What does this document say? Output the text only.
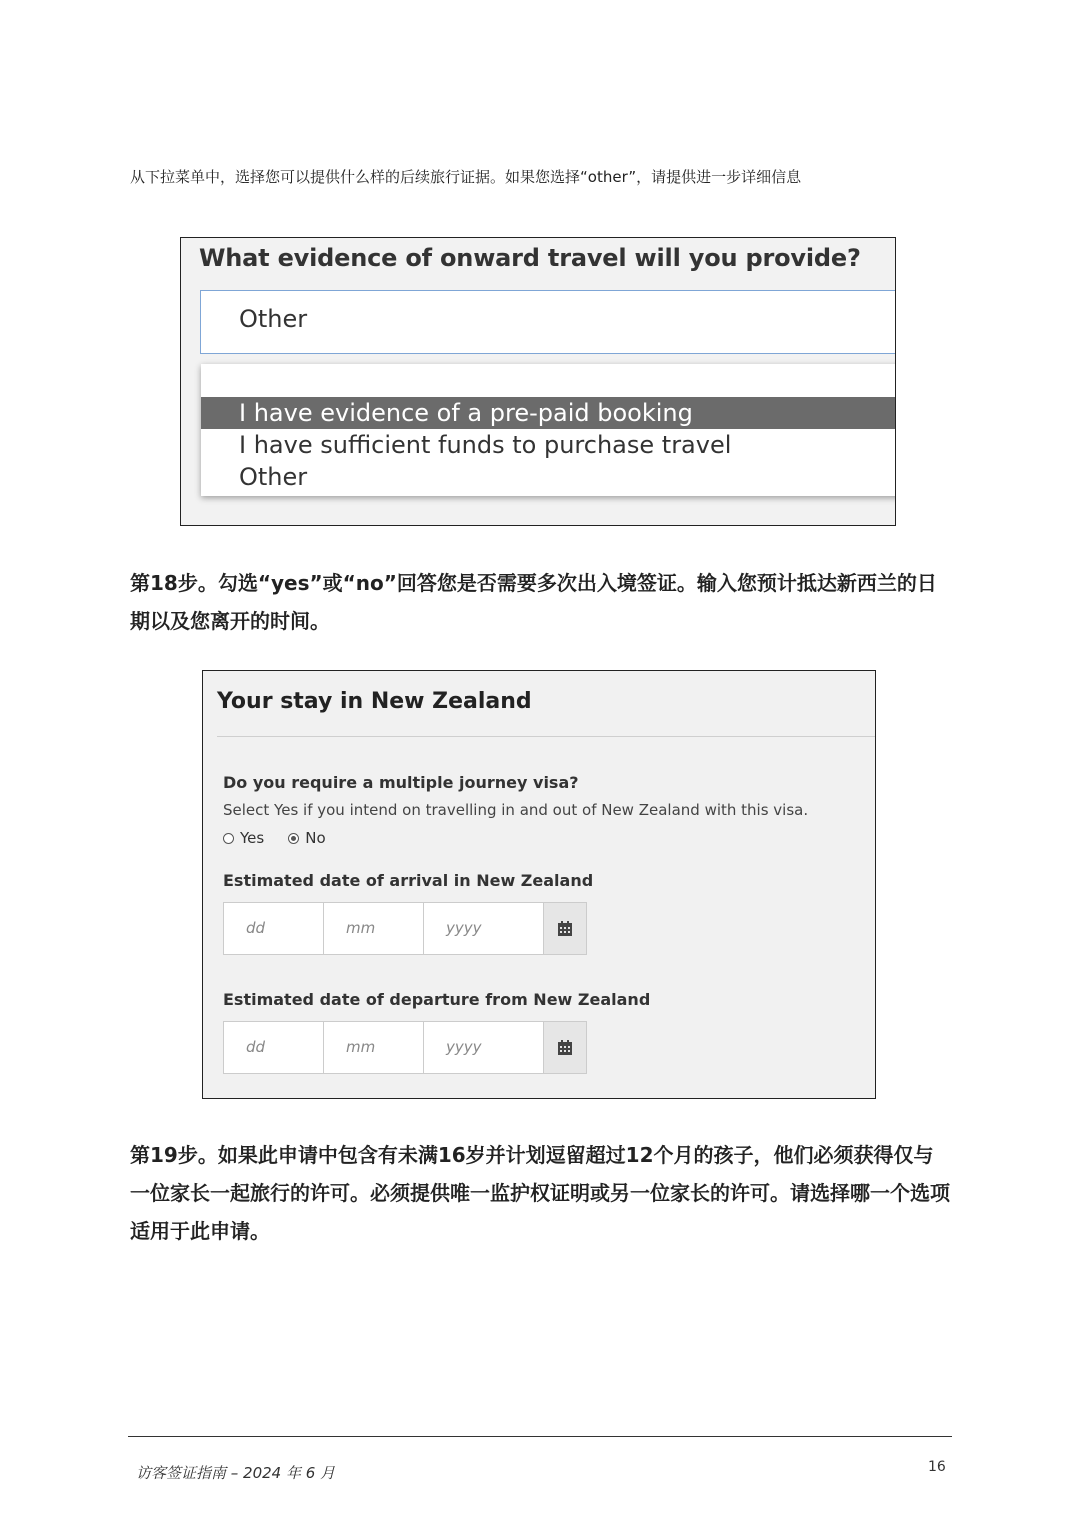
从下拉菜单中，选择您可以提供什么样的后续旅行证据。如果您选择“other”，请提供进一步详细信息
What evidence of onward travel will you provide?
Other
I have evidence of a pre-paid booking
I have sufficient funds to purchase travel
Other
第18步。勾选“yes”或“no”回答您是否需要多次出入境签证。输入您预计抵达新西兰的日期以及您离开的时间。
Your stay in New Zealand
Do you require a multiple journey visa?
Select Yes if you intend on travelling in and out of New Zealand with this visa.
Yes	No
Estimated date of arrival in New Zealand
dd	mm	yyyy
Estimated date of departure from New Zealand
dd	mm	yyyy
第19步。如果此申请中包含有未满16岁并计划逗留超过12个月的孩子，他们必须获得仅与一位家长一起旅行的许可。必须提供唯一监护权证明或另一位家长的许可。请选择哪一个选项适用于此申请。
访客签证指南 – 2024 年 6 月	16
